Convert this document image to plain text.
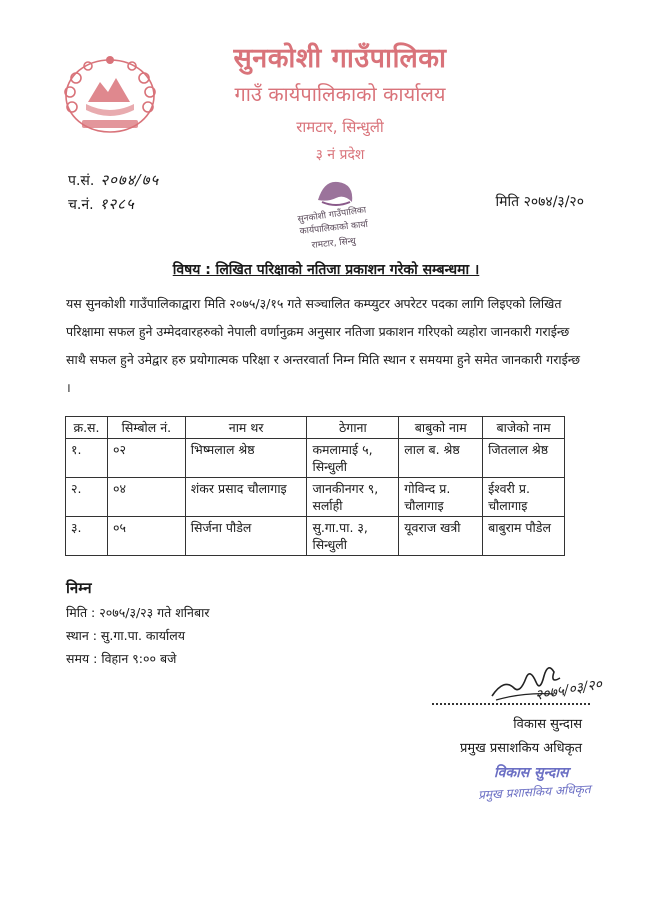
सुनकोशी गाउँपालिका
गाउँ कार्यपालिकाको कार्यालय
रामटार, सिन्धुली
३ नं प्रदेश
प.सं. २०७४/७५
च.नं. १२८५
सुनकोशी गाउँपालिका
कार्यपालिकाको कार्या
रामटार, सिन्धु
मिति २०७४/३/२०
विषय : लिखित परिक्षाको नतिजा प्रकाशन गरेको सम्बन्धमा ।

यस सुनकोशी गाउँपालिकाद्वारा मिति २०७५/३/१५ गते सञ्चालित कम्प्युटर अपरेटर पदका लागि लिइएको लिखित

परिक्षामा सफल हुने उम्मेदवारहरुको नेपाली वर्णानुक्रम अनुसार नतिजा प्रकाशन गरिएको व्यहोरा जानकारी गराईन्छ

साथै सफल हुने उमेद्वार हरु प्रयोगात्मक परिक्षा र अन्तरवार्ता निम्न मिति स्थान र समयमा हुने समेत जानकारी गराईन्छ

।

क्र.स.	सिम्बोल नं.	नाम थर	ठेगाना	बाबुको नाम	बाजेको नाम
१.	०२	भिष्मलाल श्रेष्ठ	कमलामाई ५, सिन्धुली	लाल ब. श्रेष्ठ	जितलाल श्रेष्ठ
२.	०४	शंकर प्रसाद चौलागाइ	जानकीनगर ९, सर्लाही	गोविन्द प्र. चौलागाइ	ईश्वरी प्र. चौलागाइ
३.	०५	सिर्जना पौडेल	सु.गा.पा. ३, सिन्धुली	यूवराज खत्री	बाबुराम पौडेल
निम्न
मिति : २०७५/३/२३ गते शनिबार
स्थान : सु.गा.पा. कार्यालय
समय : विहान ९:०० बजे
२०७५/०३/२०
विकास सुन्दास
प्रमुख प्रसाशकिय अधिकृत
विकास सुन्दास
प्रमुख प्रशासकिय अधिकृत
